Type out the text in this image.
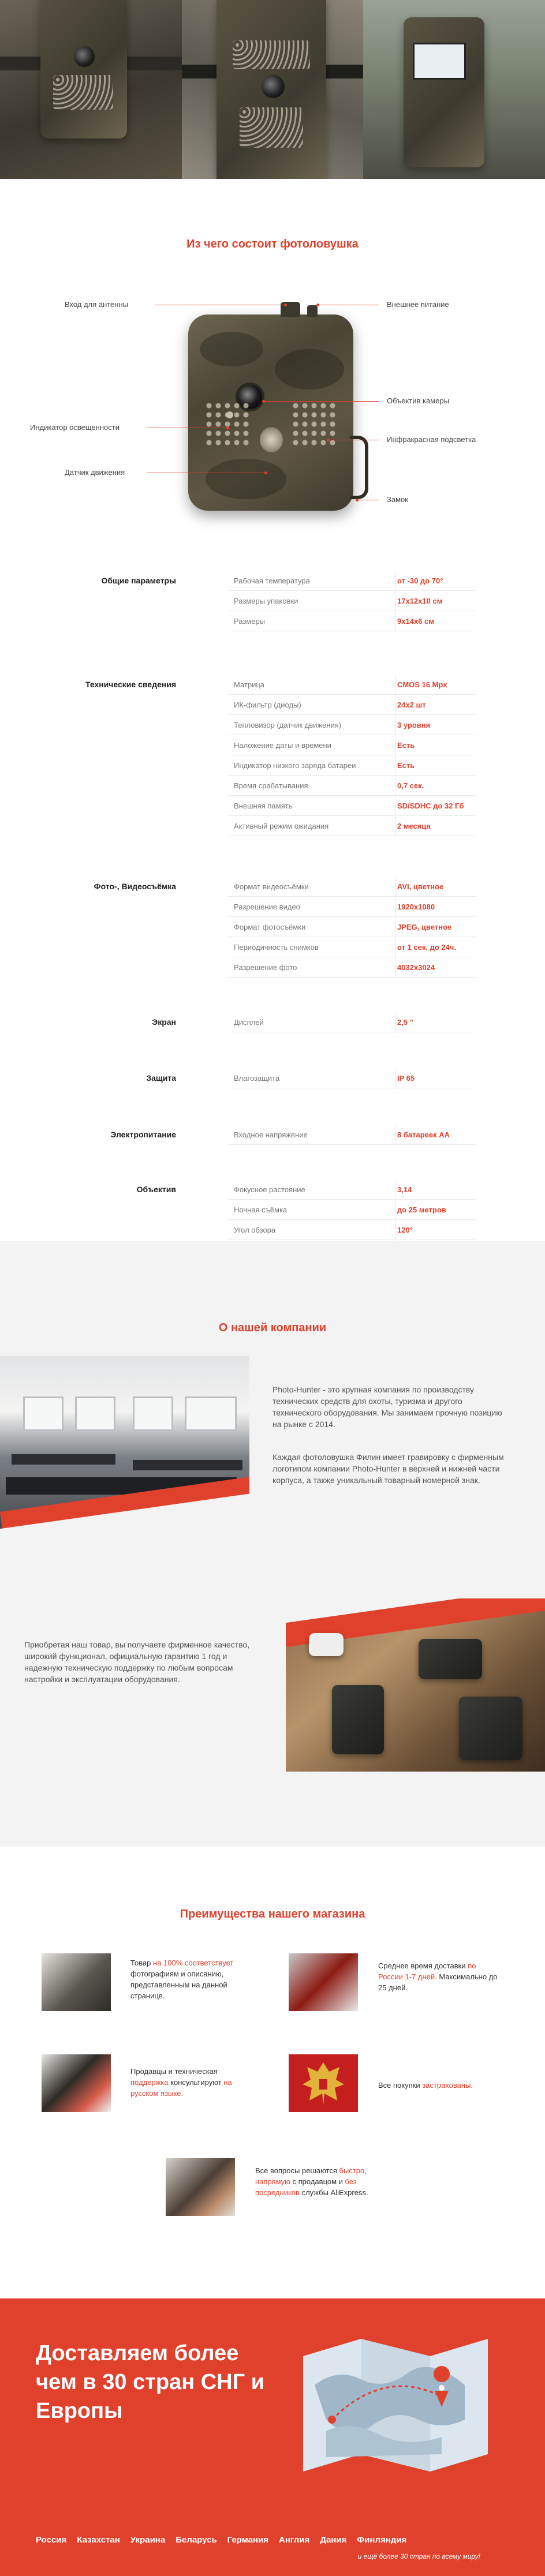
Из чего состоит фотоловушка
Вход для антенны
Индикатор освещенности
Датчик движения
Внешнее питание
Объектив камеры
Инфракрасная подсветка
Замок
Общие параметры	Рабочая температура	от -30 до 70°
Размеры упаковки	17x12x10 см
Размеры	9x14x6 см
Технические сведения	Матрица	CMOS 16 Mpx
ИК-фильтр (диоды)	24x2 шт
Тепловизор (датчик движения)	3 уровня
Наложение даты и времени	Есть
Индикатор низкого заряда батареи	Есть
Время срабатывания	0,7 сек.
Внешняя память	SD/SDHC до 32 Гб
Активный режим ожидания	2 месяца
Фото-, Видеосъёмка	Формат видеосъёмки	AVI, цветное
Разрешение видео	1920x1080
Формат фотосъёмки	JPEG, цветное
Периодичность снимков	от 1 сек. до 24ч.
Разрешение фото	4032x3024
Экран	Дисплей	2,5 "
Защита	Влагозащита	IP 65
Электропитание	Входное напряжение	8 батареек АА
Объектив	Фокусное растояние	3,14
Ночная съёмка	до 25 метров
Угол обзора	120°
О нашей компании
Photo-Hunter - это крупная компания по производству технических средств для охоты, туризма и другого технического оборудования. Мы занимаем прочную позицию на рынке с 2014.
Каждая фотоловушка Филин имеет гравировку с фирменным логотипом компании Photo-Hunter в верхней и нижней части корпуса, а также уникальный товарный номерной знак.
Приобретая наш товар, вы получаете фирменное качество, широкий функционал, официальную гарантию 1 год и надежную техническую поддержку по любым вопросам настройки и эксплуатации оборудования.
Преимущества нашего магазина
Товар на 100% соответствует фотографиям и описанию, представленным на данной странице.
Среднее время доставки по России 1-7 дней. Максимально до 25 дней.
Продавцы и техническая поддержка консультируют на русском языке.
Все покупки застрахованы.
Все вопросы решаются быстро, напрямую с продавцом и без посредников службы AliExpress.
Доставляем более чем в 30 стран СНГ и Европы
Россия Казахстан Украина Беларусь Германия Англия Дания Финляндия
и ещё более 30 стран по всему миру!
